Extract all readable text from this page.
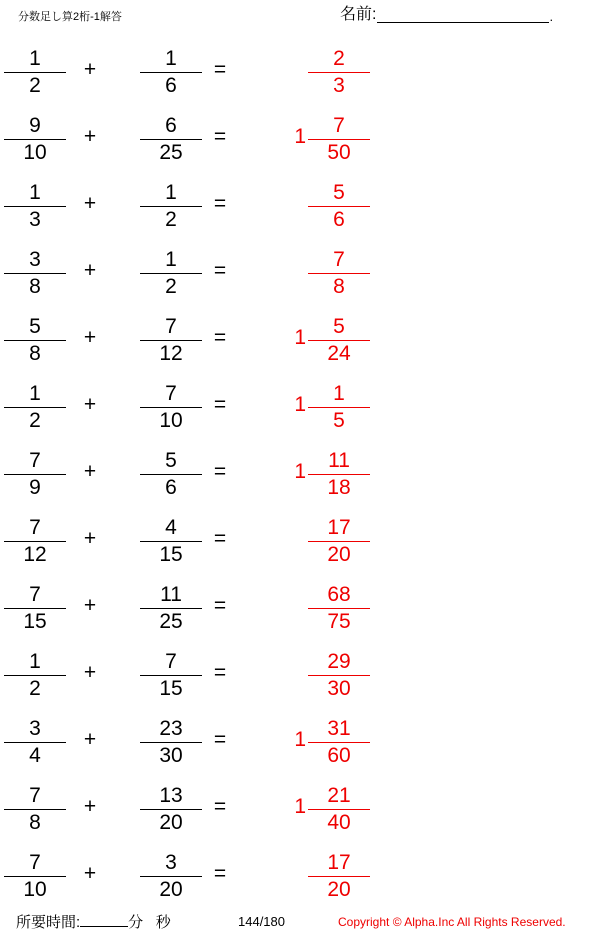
分数足し算2桁-1解答	名前:	.
1
2
+	1
6
=	2
3
9
10
+	6
25
=	1	7
50
1
3
+	1
2
=	5
6
3
8
+	1
2
=	7
8
5
8
+	7
12
=	1	5
24
1
2
+	7
10
=	1	1
5
7
9
+	5
6
=	1	11
18
7
12
+	4
15
=	17
20
7
15
+	11
25
=	68
75
1
2
+	7
15
=	29
30
3
4
+	23
30
=	1	31
60
7
8
+	13
20
=	1	21
40
7
10
+	3
20
=	17
20
所要時間:	分 秒	144/180	Copyright © Alpha.Inc All Rights Reserved.
